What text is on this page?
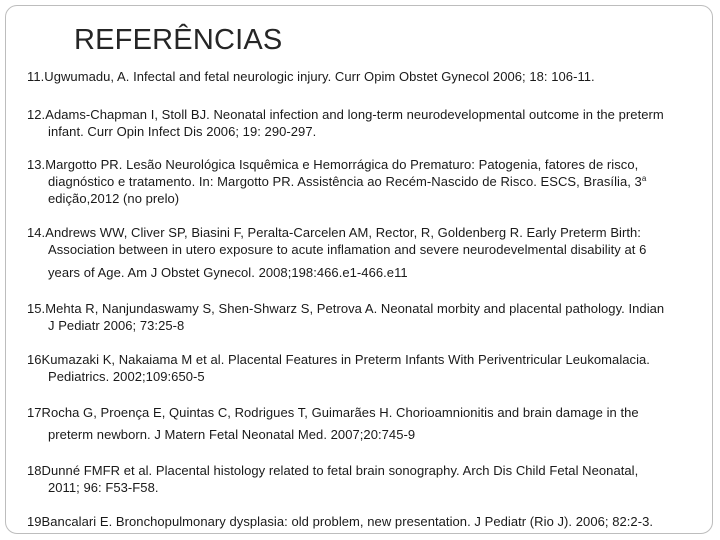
REFERÊNCIAS
11.Ugwumadu, A. Infectal and fetal neurologic injury. Curr Opim Obstet Gynecol 2006; 18: 106-11.
12.Adams-Chapman I, Stoll BJ. Neonatal infection and long-term neurodevelopmental outcome in the preterm
infant. Curr Opin Infect Dis 2006; 19: 290-297.
13.Margotto PR. Lesão Neurológica Isquêmica e Hemorrágica do Prematuro: Patogenia, fatores de risco,
diagnóstico e tratamento. In: Margotto PR. Assistência ao Recém-Nascido de Risco. ESCS, Brasília, 3$^a$
edição,2012 (no prelo)
14.Andrews WW, Cliver SP, Biasini F, Peralta-Carcelen AM, Rector, R, Goldenberg R. Early Preterm Birth:
Association between in utero exposure to acute inflamation and severe neurodevelmental disability at 6
years of Age. Am J Obstet Gynecol. 2008;198:466.e1-466.e11
15.Mehta R, Nanjundaswamy S, Shen-Shwarz S, Petrova A. Neonatal morbity and placental pathology. Indian
J Pediatr 2006; 73:25-8
16Kumazaki K, Nakaiama M et al. Placental Features in Preterm Infants With Periventricular Leukomalacia.
Pediatrics. 2002;109:650-5
17Rocha G, Proença E, Quintas C, Rodrigues T, Guimarães H. Chorioamnionitis and brain damage in the
preterm newborn. J Matern Fetal Neonatal Med. 2007;20:745-9
18Dunné FMFR et al. Placental histology related to fetal brain sonography. Arch Dis Child Fetal Neonatal,
2011; 96: F53-F58.
19Bancalari E. Bronchopulmonary dysplasia: old problem, new presentation. J Pediatr (Rio J). 2006; 82:2-3.
